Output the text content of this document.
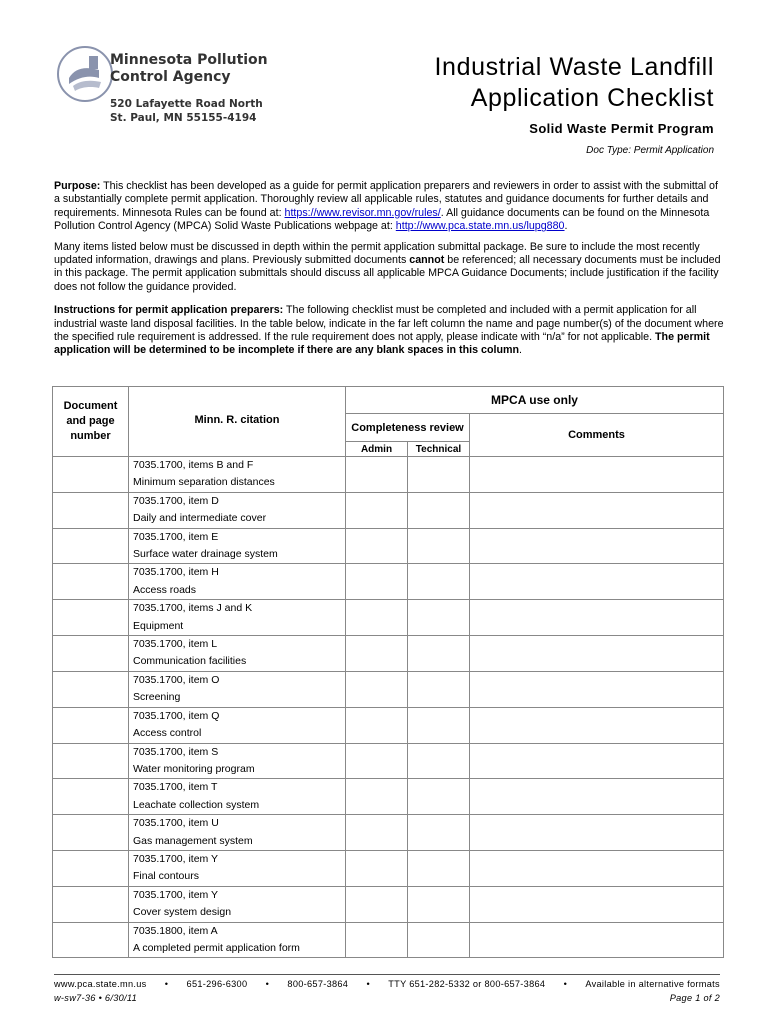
Minnesota Pollution
Control Agency
520 Lafayette Road North
St. Paul, MN 55155-4194
Industrial Waste Landfill
Application Checklist
Solid Waste Permit Program
Doc Type: Permit Application

Purpose: This checklist has been developed as a guide for permit application preparers and reviewers in order to assist with the submittal of a substantially complete permit application. Thoroughly review all applicable rules, statutes and guidance documents for further details and requirements. Minnesota Rules can be found at: https://www.revisor.mn.gov/rules/. All guidance documents can be found on the Minnesota Pollution Control Agency (MPCA) Solid Waste Publications webpage at: http://www.pca.state.mn.us/lupg880.

Many items listed below must be discussed in depth within the permit application submittal package. Be sure to include the most recently updated information, drawings and plans. Previously submitted documents cannot be referenced; all necessary documents must be included in this package. The permit application submittals should discuss all applicable MPCA Guidance Documents; include justification if the facility does not follow the guidance provided.

Instructions for permit application preparers: The following checklist must be completed and included with a permit application for all industrial waste land disposal facilities. In the table below, indicate in the far left column the name and page number(s) of the document where the specified rule requirement is addressed. If the rule requirement does not apply, please indicate with “n/a” for not applicable. The permit application will be determined to be incomplete if there are any blank spaces in this column.

Document and page number	Minn. R. citation	MPCA use only		
		Completeness review		Comments
		Admin	Technical	

	7035.1700, items B and F
Minimum separation distances			

	7035.1700, item D
Daily and intermediate cover			

	7035.1700, item E
Surface water drainage system			

	7035.1700, item H
Access roads			

	7035.1700, items J and K
Equipment			

	7035.1700, item L
Communication facilities			

	7035.1700, item O
Screening			

	7035.1700, item Q
Access control			

	7035.1700, item S
Water monitoring program			

	7035.1700, item T
Leachate collection system			

	7035.1700, item U
Gas management system			

	7035.1700, item Y
Final contours			

	7035.1700, item Y
Cover system design			

	7035.1800, item A
A completed permit application form			

www.pca.state.mn.us • 651-296-6300 • 800-657-3864 • TTY 651-282-5332 or 800-657-3864 • Available in alternative formats
w-sw7-36 • 6/30/11	Page 1 of 2
